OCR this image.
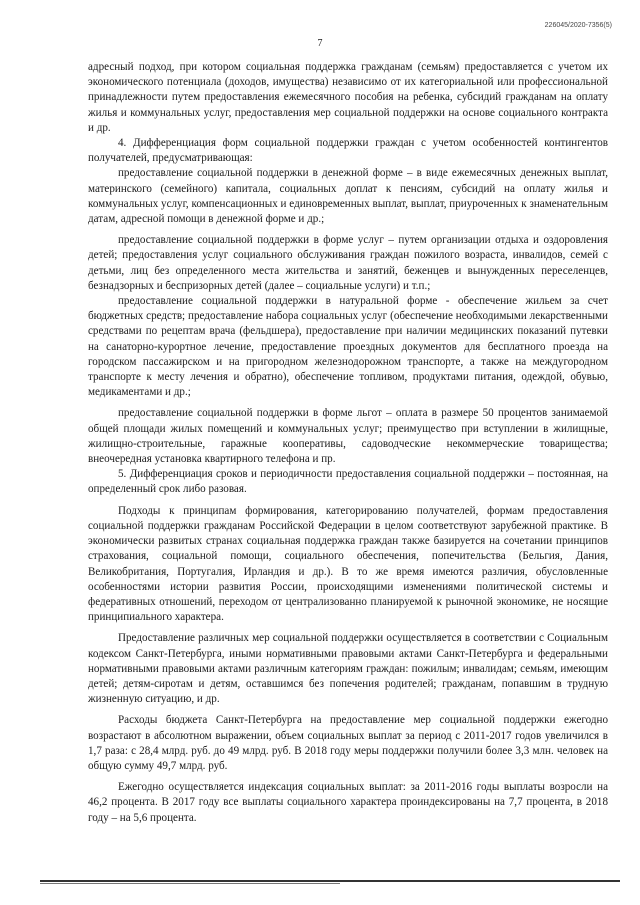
226045/2020-7356(5)
7

адресный подход, при котором социальная поддержка гражданам (семьям) предоставляется с учетом их экономического потенциала (доходов, имущества) независимо от их категориальной или профессиональной принадлежности путем предоставления ежемесячного пособия на ребенка, субсидий гражданам на оплату жилья и коммунальных услуг, предоставления мер социальной поддержки на основе социального контракта и др.

4. Дифференциация форм социальной поддержки граждан с учетом особенностей контингентов получателей, предусматривающая:

предоставление социальной поддержки в денежной форме – в виде ежемесячных денежных выплат, материнского (семейного) капитала, социальных доплат к пенсиям, субсидий на оплату жилья и коммунальных услуг, компенсационных и единовременных выплат, выплат, приуроченных к знаменательным датам, адресной помощи в денежной форме и др.;

предоставление социальной поддержки в форме услуг – путем организации отдыха и оздоровления детей; предоставления услуг социального обслуживания граждан пожилого возраста, инвалидов, семей с детьми, лиц без определенного места жительства и занятий, беженцев и вынужденных переселенцев, безнадзорных и беспризорных детей (далее – социальные услуги) и т.п.;

предоставление социальной поддержки в натуральной форме - обеспечение жильем за счет бюджетных средств; предоставление набора социальных услуг (обеспечение необходимыми лекарственными средствами по рецептам врача (фельдшера), предоставление при наличии медицинских показаний путевки на санаторно-курортное лечение, предоставление проездных документов для бесплатного проезда на городском пассажирском и на пригородном железнодорожном транспорте, а также на междугородном транспорте к месту лечения и обратно), обеспечение топливом, продуктами питания, одеждой, обувью, медикаментами и др.;

предоставление социальной поддержки в форме льгот – оплата в размере 50 процентов занимаемой общей площади жилых помещений и коммунальных услуг; преимущество при вступлении в жилищные, жилищно-строительные, гаражные кооперативы, садоводческие некоммерческие товарищества; внеочередная установка квартирного телефона и пр.

5. Дифференциация сроков и периодичности предоставления социальной поддержки – постоянная, на определенный срок либо разовая.

Подходы к принципам формирования, категорированию получателей, формам предоставления социальной поддержки гражданам Российской Федерации в целом соответствуют зарубежной практике. В экономически развитых странах социальная поддержка граждан также базируется на сочетании принципов страхования, социальной помощи, социального обеспечения, попечительства (Бельгия, Дания, Великобритания, Португалия, Ирландия и др.). В то же время имеются различия, обусловленные особенностями истории развития России, происходящими изменениями политической системы и федеративных отношений, переходом от централизованно планируемой к рыночной экономике, не носящие принципиального характера.

Предоставление различных мер социальной поддержки осуществляется в соответствии с Социальным кодексом Санкт-Петербурга, иными нормативными правовыми актами Санкт-Петербурга и федеральными нормативными правовыми актами различным категориям граждан: пожилым; инвалидам; семьям, имеющим детей; детям-сиротам и детям, оставшимся без попечения родителей; гражданам, попавшим в трудную жизненную ситуацию, и др.

Расходы бюджета Санкт-Петербурга на предоставление мер социальной поддержки ежегодно возрастают в абсолютном выражении, объем социальных выплат за период с 2011-2017 годов увеличился в 1,7 раза: с 28,4 млрд. руб. до 49 млрд. руб. В 2018 году меры поддержки получили более 3,3 млн. человек на общую сумму 49,7 млрд. руб.

Ежегодно осуществляется индексация социальных выплат: за 2011-2016 годы выплаты возросли на 46,2 процента. В 2017 году все выплаты социального характера проиндексированы на 7,7 процента, в 2018 году – на 5,6 процента.
